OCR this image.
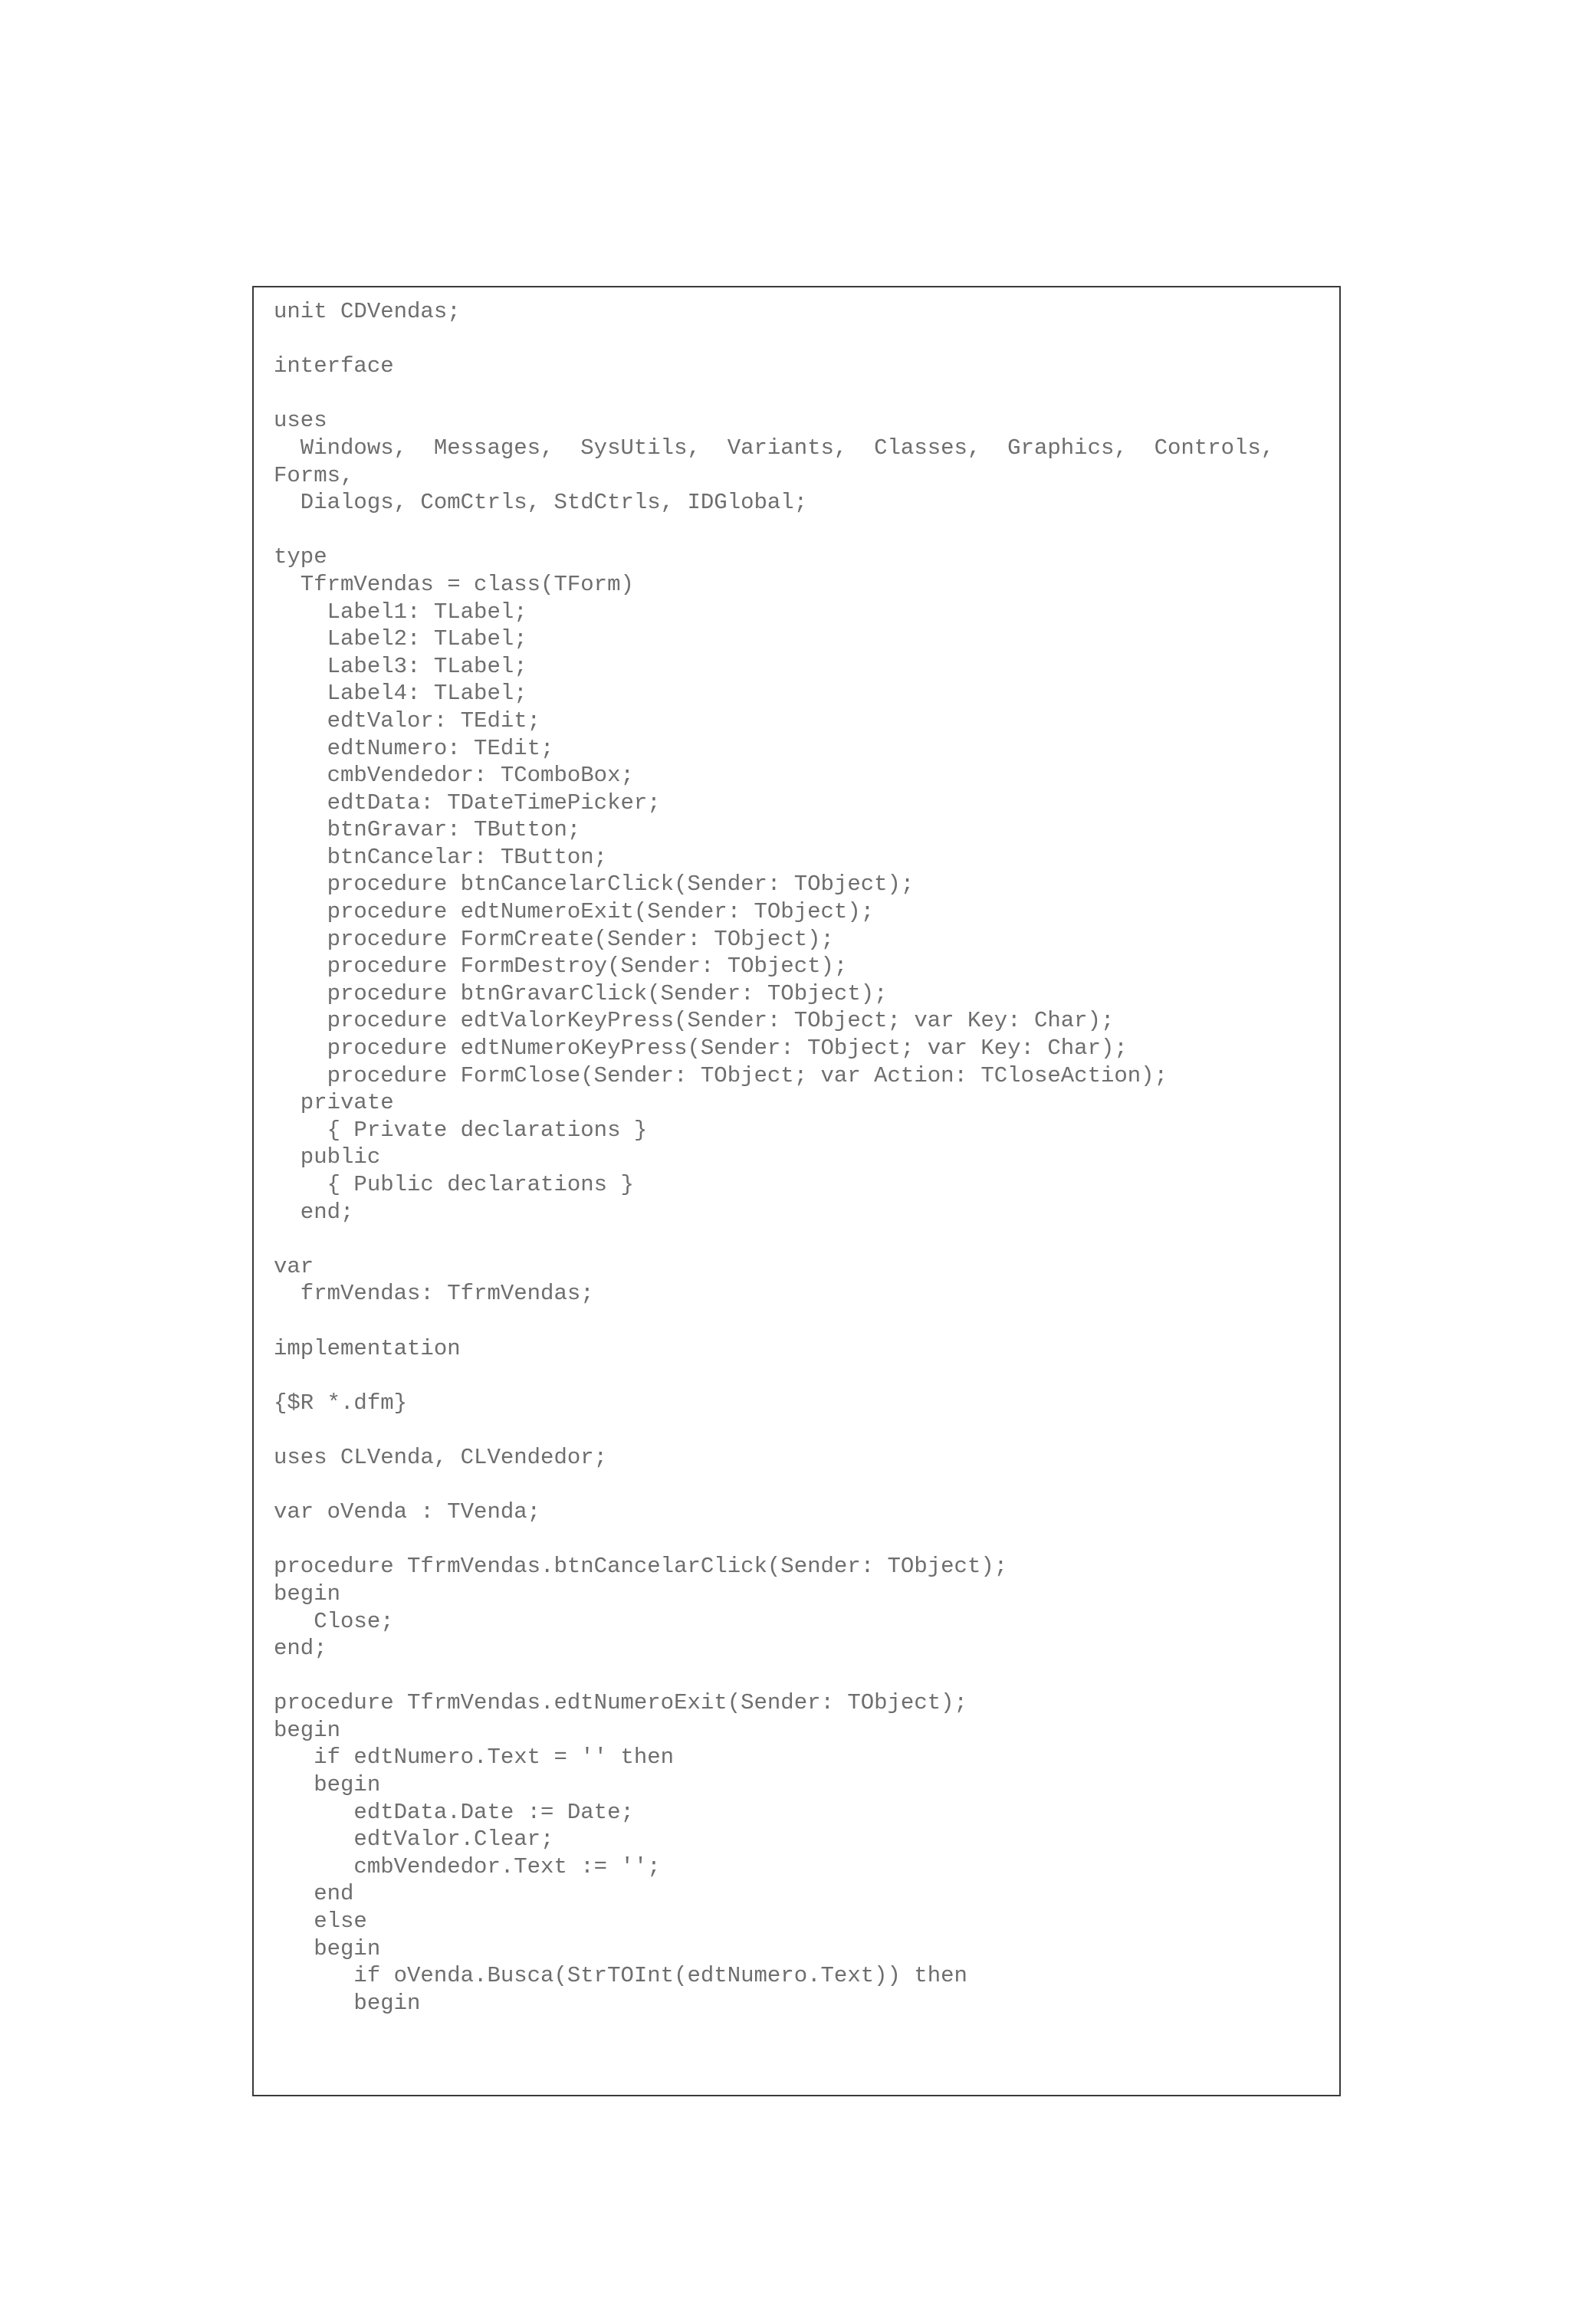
unit CDVendas;
interface
uses
Windows,  Messages,  SysUtils,  Variants,  Classes,  Graphics,  Controls,
Forms,
Dialogs, ComCtrls, StdCtrls, IDGlobal;
type
TfrmVendas = class(TForm)
Label1: TLabel;
Label2: TLabel;
Label3: TLabel;
Label4: TLabel;
edtValor: TEdit;
edtNumero: TEdit;
cmbVendedor: TComboBox;
edtData: TDateTimePicker;
btnGravar: TButton;
btnCancelar: TButton;
procedure btnCancelarClick(Sender: TObject);
procedure edtNumeroExit(Sender: TObject);
procedure FormCreate(Sender: TObject);
procedure FormDestroy(Sender: TObject);
procedure btnGravarClick(Sender: TObject);
procedure edtValorKeyPress(Sender: TObject; var Key: Char);
procedure edtNumeroKeyPress(Sender: TObject; var Key: Char);
procedure FormClose(Sender: TObject; var Action: TCloseAction);
private
{ Private declarations }
public
{ Public declarations }
end;
var
frmVendas: TfrmVendas;
implementation
{$R *.dfm}
uses CLVenda, CLVendedor;
var oVenda : TVenda;
procedure TfrmVendas.btnCancelarClick(Sender: TObject);
begin
Close;
end;
procedure TfrmVendas.edtNumeroExit(Sender: TObject);
begin
if edtNumero.Text = '' then
begin
edtData.Date := Date;
edtValor.Clear;
cmbVendedor.Text := '';
end
else
begin
if oVenda.Busca(StrTOInt(edtNumero.Text)) then
begin
